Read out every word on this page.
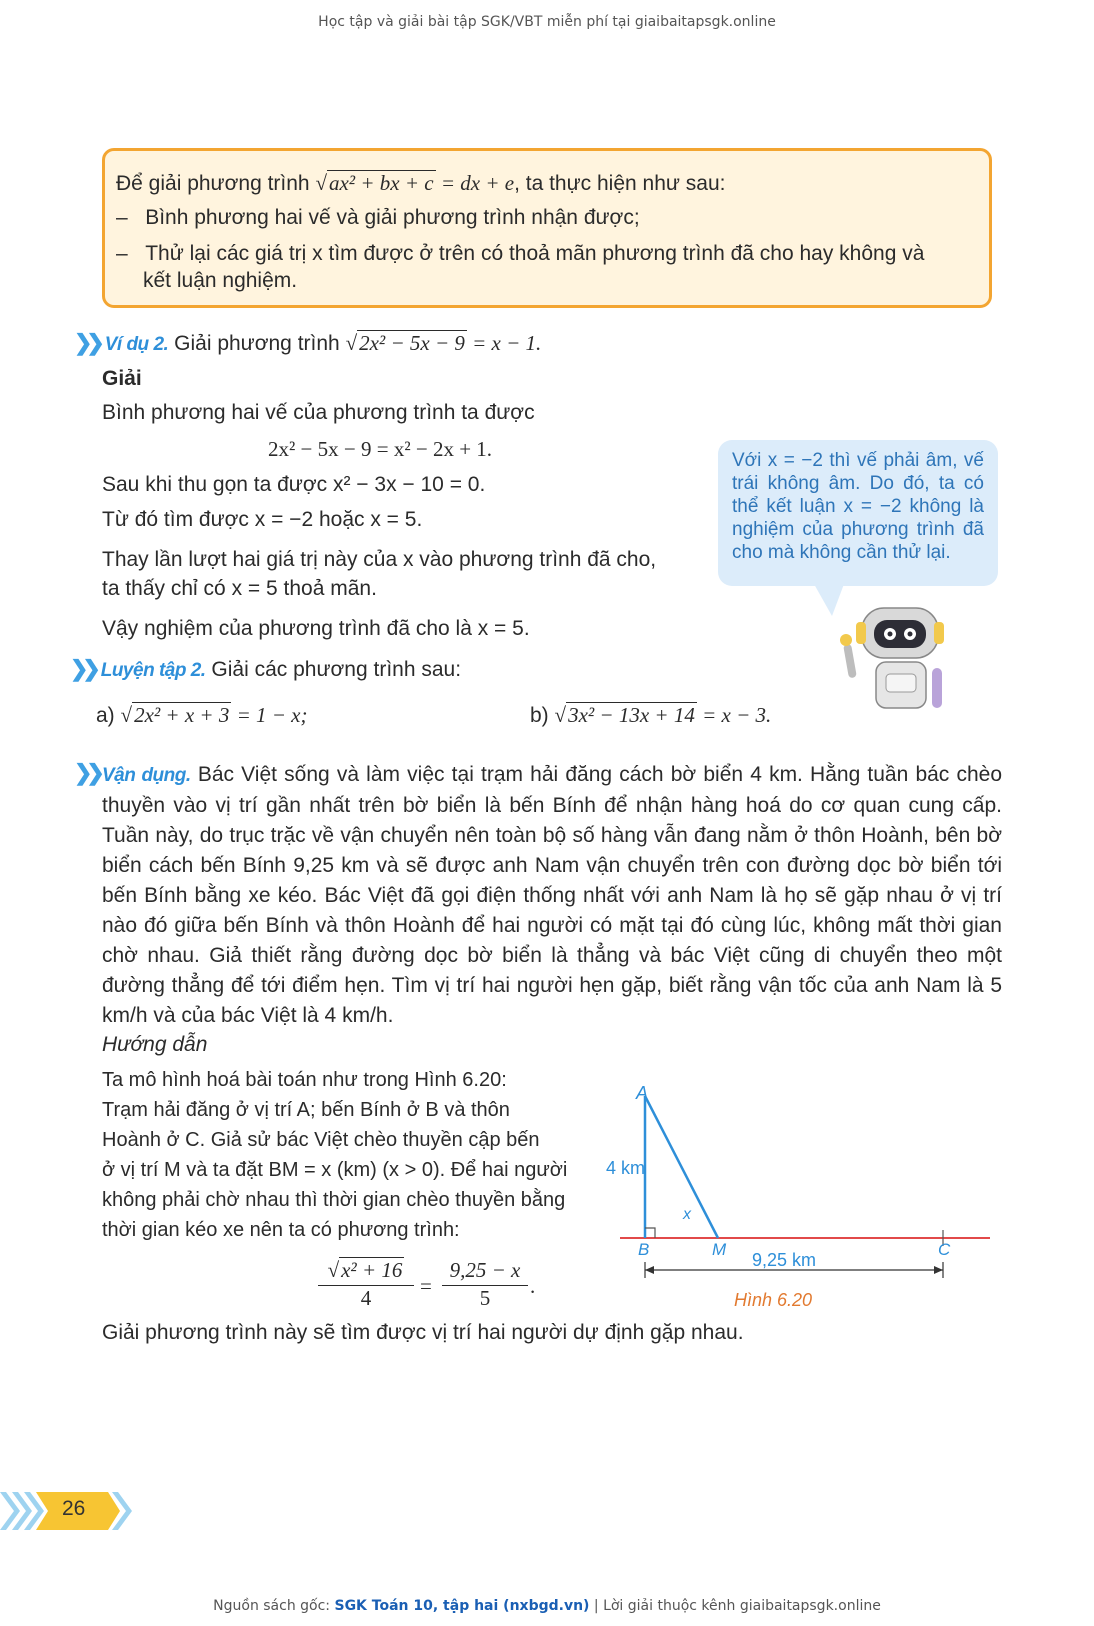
Học tập và giải bài tập SGK/VBT miễn phí tại giaibaitapsgk.online
Để giải phương trình √ax² + bx + c = dx + e, ta thực hiện như sau:
– Bình phương hai vế và giải phương trình nhận được;
– Thử lại các giá trị x tìm được ở trên có thoả mãn phương trình đã cho hay không và
kết luận nghiệm.
❯❯ Ví dụ 2. Giải phương trình √2x² − 5x − 9 = x − 1.
Giải
Bình phương hai vế của phương trình ta được
2x² − 5x − 9 = x² − 2x + 1.
Sau khi thu gọn ta được x² − 3x − 10 = 0.
Từ đó tìm được x = −2 hoặc x = 5.
Thay lần lượt hai giá trị này của x vào phương trình đã cho,
ta thấy chỉ có x = 5 thoả mãn.
Vậy nghiệm của phương trình đã cho là x = 5.
Với x = −2 thì vế phải âm, vế trái không âm. Do đó, ta có thể kết luận x = −2 không là nghiệm của phương trình đã cho mà không cần thử lại.
❯❯ Luyện tập 2. Giải các phương trình sau:
a) √2x² + x + 3 = 1 − x;	b) √3x² − 13x + 14 = x − 3.
❯❯ Vận dụng. Bác Việt sống và làm việc tại trạm hải đăng cách bờ biển 4 km. Hằng tuần bác chèo thuyền vào vị trí gần nhất trên bờ biển là bến Bính để nhận hàng hoá do cơ quan cung cấp. Tuần này, do trục trặc về vận chuyển nên toàn bộ số hàng vẫn đang nằm ở thôn Hoành, bên bờ biển cách bến Bính 9,25 km và sẽ được anh Nam vận chuyển trên con đường dọc bờ biển tới bến Bính bằng xe kéo. Bác Việt đã gọi điện thống nhất với anh Nam là họ sẽ gặp nhau ở vị trí nào đó giữa bến Bính và thôn Hoành để hai người có mặt tại đó cùng lúc, không mất thời gian chờ nhau. Giả thiết rằng đường dọc bờ biển là thẳng và bác Việt cũng di chuyển theo một đường thẳng để tới điểm hẹn. Tìm vị trí hai người hẹn gặp, biết rằng vận tốc của anh Nam là 5 km/h và của bác Việt là 4 km/h.
Hướng dẫn
Ta mô hình hoá bài toán như trong Hình 6.20:
Trạm hải đăng ở vị trí A; bến Bính ở B và thôn
Hoành ở C. Giả sử bác Việt chèo thuyền cập bến
ở vị trí M và ta đặt BM = x (km) (x > 0). Để hai người
không phải chờ nhau thì thời gian chèo thuyền bằng
thời gian kéo xe nên ta có phương trình:
√x² + 16
4	=
9,25 − x
5	.
Giải phương trình này sẽ tìm được vị trí hai người dự định gặp nhau.
A
4 km
x
B	M	C
9,25 km
Hình 6.20
26
Nguồn sách gốc: SGK Toán 10, tập hai (nxbgd.vn) | Lời giải thuộc kênh giaibaitapsgk.online
